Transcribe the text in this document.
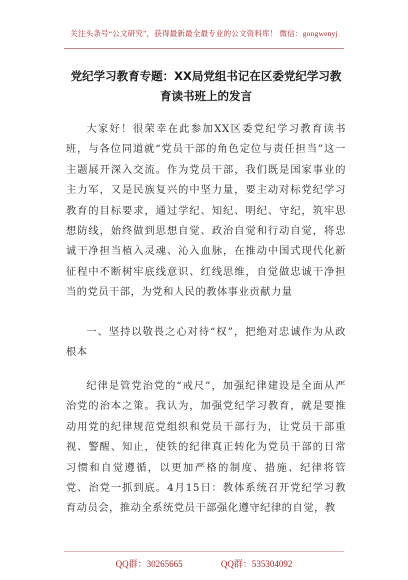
关注头条号“公文研究”，获得最新最全最专业的公文资料库！ 微信：gongwenyj
党纪学习教育专题：XX局党组书记在区委党纪学习教育读书班上的发言
大家好！很荣幸在此参加XX区委党纪学习教育读书班，与各位同道就“党员干部的角色定位与责任担当”这一主题展开深入交流。作为党员干部，我们既是国家事业的主力军，又是民族复兴的中坚力量，要主动对标党纪学习教育的目标要求，通过学纪、知纪、明纪、守纪，筑牢思想防线，始终做到思想自觉、政治自觉和行动自觉，将忠诚干净担当植入灵魂、沁入血脉，在推动中国式现代化新征程中不断树牢底线意识、红线思维，自觉做忠诚干净担当的党员干部，为党和人民的教体事业贡献力量
一、坚持以敬畏之心对待“权”，把绝对忠诚作为从政根本
纪律是管党治党的“戒尺”，加强纪律建设是全面从严治党的治本之策。我认为，加强党纪学习教育，就是要推动用党的纪律规范党组织和党员干部行为，让党员干部重视、警醒、知止，使铁的纪律真正转化为党员干部的日常习惯和自觉遵循，以更加严格的制度、措施、纪律将管党、治党一抓到底。4月15日：教体系统召开党纪学习教育动员会，推动全系统党员干部强化遵守纪律的自觉，教
QQ群：30265665	QQ群：535304092
